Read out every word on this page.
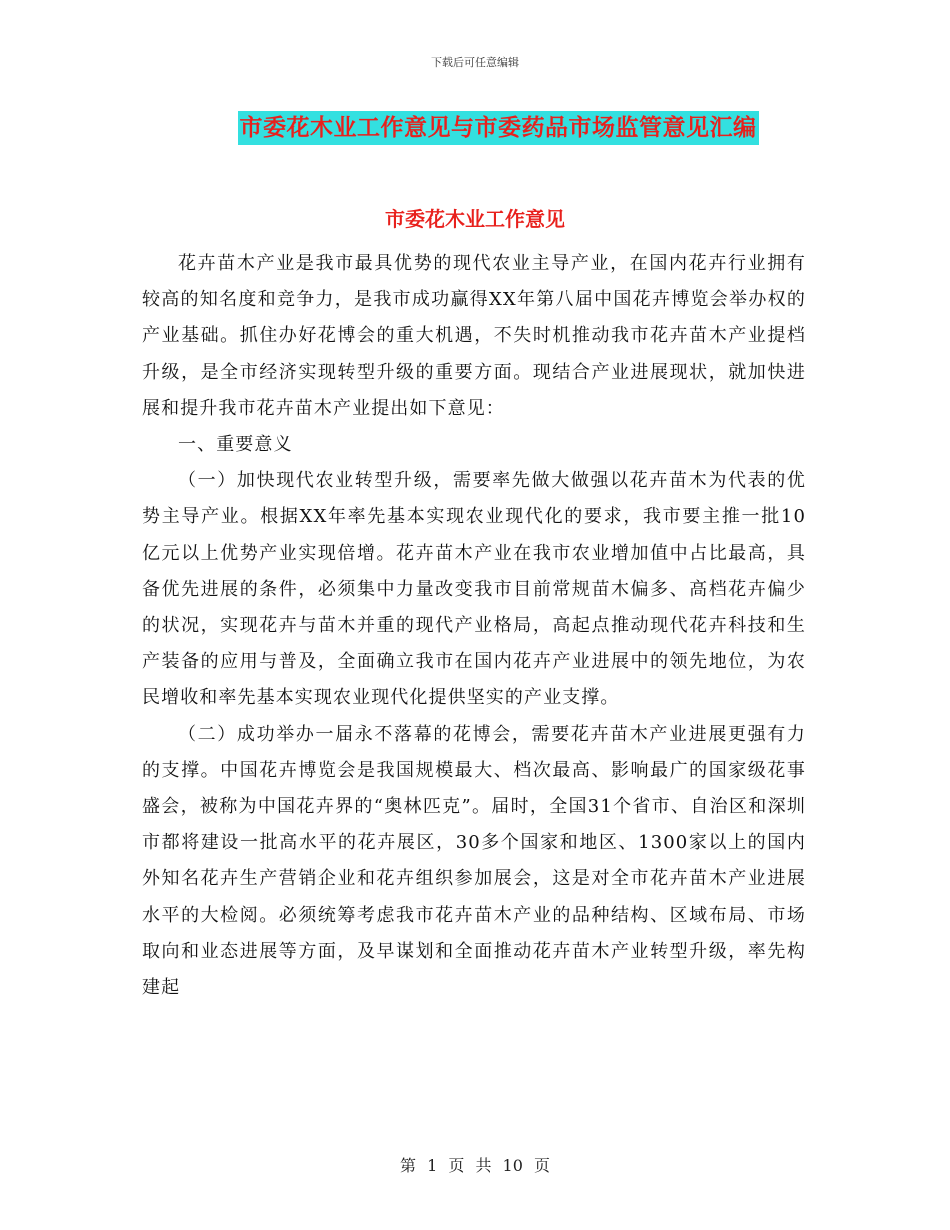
下载后可任意编辑
市委花木业工作意见与市委药品市场监管意见汇编
市委花木业工作意见

花卉苗木产业是我市最具优势的现代农业主导产业，在国内花卉行业拥有较高的知名度和竞争力，是我市成功赢得XX年第八届中国花卉博览会举办权的产业基础。抓住办好花博会的重大机遇，不失时机推动我市花卉苗木产业提档升级，是全市经济实现转型升级的重要方面。现结合产业进展现状，就加快进展和提升我市花卉苗木产业提出如下意见：

一、重要意义

（一）加快现代农业转型升级，需要率先做大做强以花卉苗木为代表的优势主导产业。根据XX年率先基本实现农业现代化的要求，我市要主推一批10亿元以上优势产业实现倍增。花卉苗木产业在我市农业增加值中占比最高，具备优先进展的条件，必须集中力量改变我市目前常规苗木偏多、高档花卉偏少的状况，实现花卉与苗木并重的现代产业格局，高起点推动现代花卉科技和生产装备的应用与普及，全面确立我市在国内花卉产业进展中的领先地位，为农民增收和率先基本实现农业现代化提供坚实的产业支撑。

（二）成功举办一届永不落幕的花博会，需要花卉苗木产业进展更强有力的支撑。中国花卉博览会是我国规模最大、档次最高、影响最广的国家级花事盛会，被称为中国花卉界的“奥林匹克”。届时，全国31个省市、自治区和深圳市都将建设一批高水平的花卉展区，30多个国家和地区、1300家以上的国内外知名花卉生产营销企业和花卉组织参加展会，这是对全市花卉苗木产业进展水平的大检阅。必须统筹考虑我市花卉苗木产业的品种结构、区域布局、市场取向和业态进展等方面，及早谋划和全面推动花卉苗木产业转型升级，率先构建起

第 1 页 共 10 页
